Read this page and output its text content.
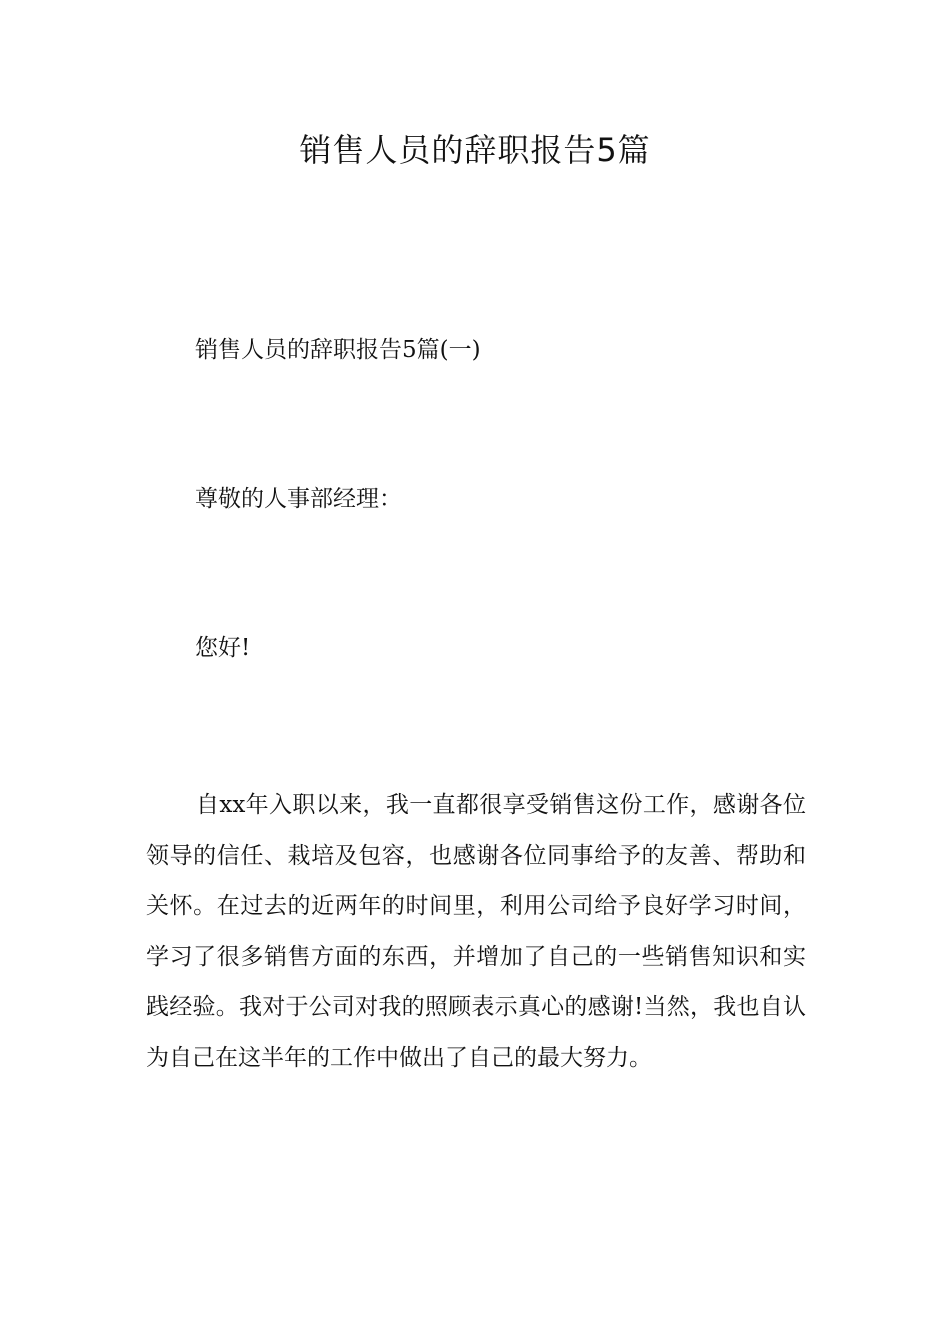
销售人员的辞职报告5篇
销售人员的辞职报告5篇(一)
尊敬的人事部经理：
您好!
自xx年入职以来，我一直都很享受销售这份工作，感谢各位领导的信任、栽培及包容，也感谢各位同事给予的友善、帮助和关怀。在过去的近两年的时间里，利用公司给予良好学习时间，学习了很多销售方面的东西，并增加了自己的一些销售知识和实践经验。我对于公司对我的照顾表示真心的感谢!当然，我也自认为自己在这半年的工作中做出了自己的最大努力。
